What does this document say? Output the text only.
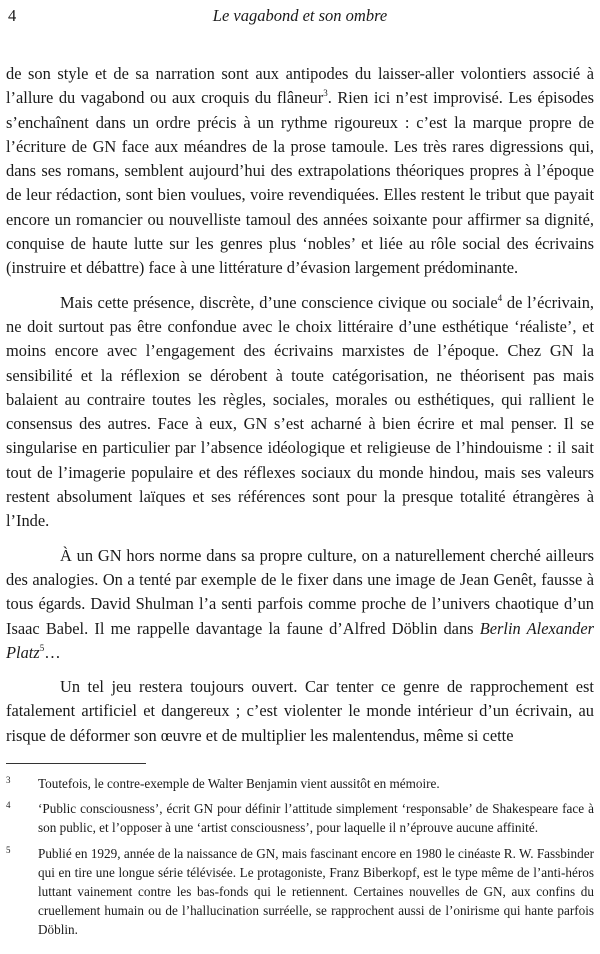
4	Le vagabond et son ombre

de son style et de sa narration sont aux antipodes du laisser-aller volontiers associé à l’allure du vagabond ou aux croquis du flâneur$^3$. Rien ici n’est improvisé. Les épisodes s’enchaînent dans un ordre précis à un rythme rigoureux : c’est la marque propre de l’écriture de GN face aux méandres de la prose tamoule. Les très rares digressions qui, dans ses romans, semblent aujourd’hui des extrapolations théoriques propres à l’époque de leur rédaction, sont bien voulues, voire revendiquées. Elles restent le tribut que payait encore un romancier ou nouvelliste tamoul des années soixante pour affirmer sa dignité, conquise de haute lutte sur les genres plus ‘nobles’ et liée au rôle social des écrivains (instruire et débattre) face à une littérature d’évasion largement prédominante.

Mais cette présence, discrète, d’une conscience civique ou sociale$^4$ de l’écrivain, ne doit surtout pas être confondue avec le choix littéraire d’une esthétique ‘réaliste’, et moins encore avec l’engagement des écrivains marxistes de l’époque. Chez GN la sensibilité et la réflexion se dérobent à toute catégorisation, ne théorisent pas mais balaient au contraire toutes les règles, sociales, morales ou esthétiques, qui rallient le consensus des autres. Face à eux, GN s’est acharné à bien écrire et mal penser. Il se singularise en particulier par l’absence idéologique et religieuse de l’hindouisme : il sait tout de l’imagerie populaire et des réflexes sociaux du monde hindou, mais ses valeurs restent absolument laïques et ses références sont pour la presque totalité étrangères à l’Inde.

À un GN hors norme dans sa propre culture, on a naturellement cherché ailleurs des analogies. On a tenté par exemple de le fixer dans une image de Jean Genêt, fausse à tous égards. David Shulman l’a senti parfois comme proche de l’univers chaotique d’un Isaac Babel. Il me rappelle davantage la faune d’Alfred Döblin dans Berlin Alexander Platz$^5$…

Un tel jeu restera toujours ouvert. Car tenter ce genre de rapprochement est fatalement artificiel et dangereux ; c’est violenter le monde intérieur d’un écrivain, au risque de déformer son œuvre et de multiplier les malentendus, même si cette

3 Toutefois, le contre-exemple de Walter Benjamin vient aussitôt en mémoire.

4 ‘Public consciousness’, écrit GN pour définir l’attitude simplement ‘responsable’ de Shakespeare face à son public, et l’opposer à une ‘artist consciousness’, pour laquelle il n’éprouve aucune affinité.

5 Publié en 1929, année de la naissance de GN, mais fascinant encore en 1980 le cinéaste R. W. Fassbinder qui en tire une longue série télévisée. Le protagoniste, Franz Biberkopf, est le type même de l’anti-héros luttant vainement contre les bas-fonds qui le retiennent. Certaines nouvelles de GN, aux confins du cruellement humain ou de l’hallucination surréelle, se rapprochent aussi de l’onirisme qui hante parfois Döblin.
